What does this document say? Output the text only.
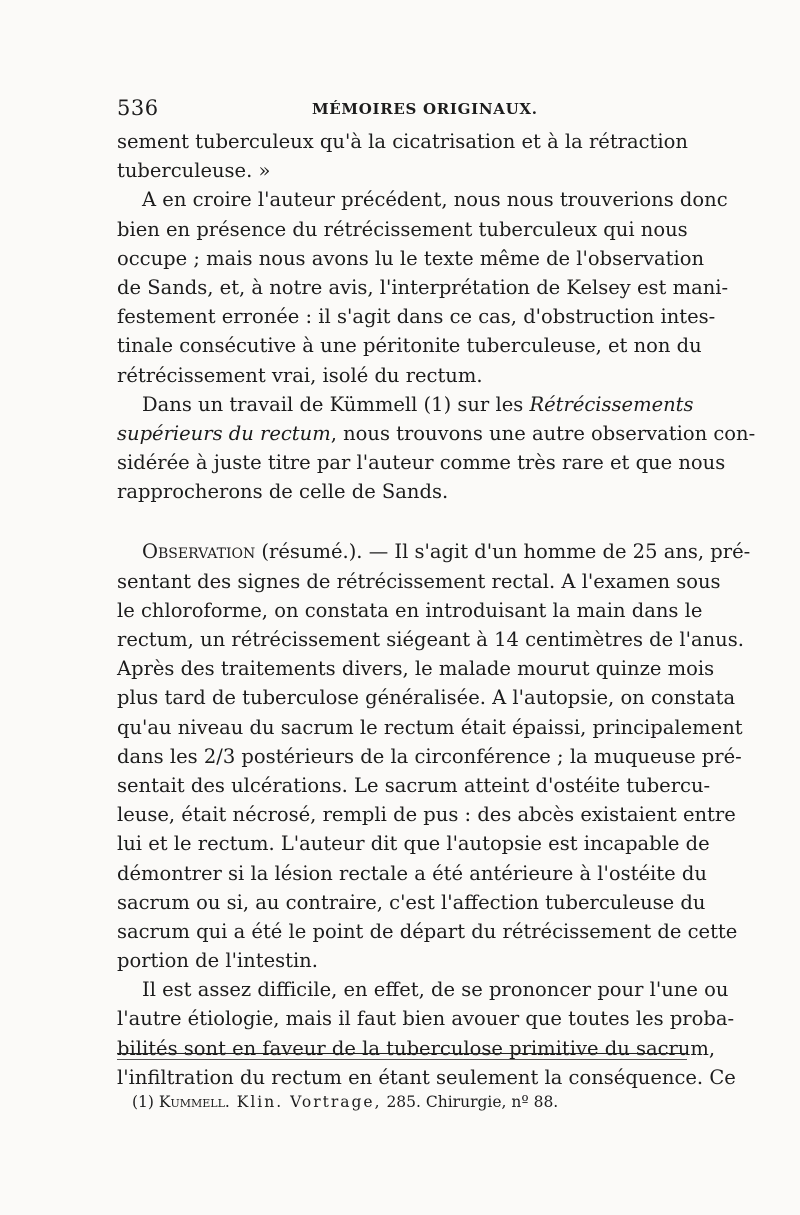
536	MÉMOIRES ORIGINAUX.
sement tuberculeux qu'à la cicatrisation et à la rétraction
tuberculeuse. »
A en croire l'auteur précédent, nous nous trouverions donc
bien en présence du rétrécissement tuberculeux qui nous
occupe ; mais nous avons lu le texte même de l'observation
de Sands, et, à notre avis, l'interprétation de Kelsey est mani-
festement erronée : il s'agit dans ce cas, d'obstruction intes-
tinale consécutive à une péritonite tuberculeuse, et non du
rétrécissement vrai, isolé du rectum.
Dans un travail de Kümmell (1) sur les Rétrécissements
supérieurs du rectum, nous trouvons une autre observation con-
sidérée à juste titre par l'auteur comme très rare et que nous
rapprocherons de celle de Sands.
Observation (résumé.). — Il s'agit d'un homme de 25 ans, pré-
sentant des signes de rétrécissement rectal. A l'examen sous
le chloroforme, on constata en introduisant la main dans le
rectum, un rétrécissement siégeant à 14 centimètres de l'anus.
Après des traitements divers, le malade mourut quinze mois
plus tard de tuberculose généralisée. A l'autopsie, on constata
qu'au niveau du sacrum le rectum était épaissi, principalement
dans les 2/3 postérieurs de la circonférence ; la muqueuse pré-
sentait des ulcérations. Le sacrum atteint d'ostéite tubercu-
leuse, était nécrosé, rempli de pus : des abcès existaient entre
lui et le rectum. L'auteur dit que l'autopsie est incapable de
démontrer si la lésion rectale a été antérieure à l'ostéite du
sacrum ou si, au contraire, c'est l'affection tuberculeuse du
sacrum qui a été le point de départ du rétrécissement de cette
portion de l'intestin.
Il est assez difficile, en effet, de se prononcer pour l'une ou
l'autre étiologie, mais il faut bien avouer que toutes les proba-
bilités sont en faveur de la tuberculose primitive du sacrum,
l'infiltration du rectum en étant seulement la conséquence. Ce
(1) Kummell. Klin. Vortrage, 285. Chirurgie, nº 88.
